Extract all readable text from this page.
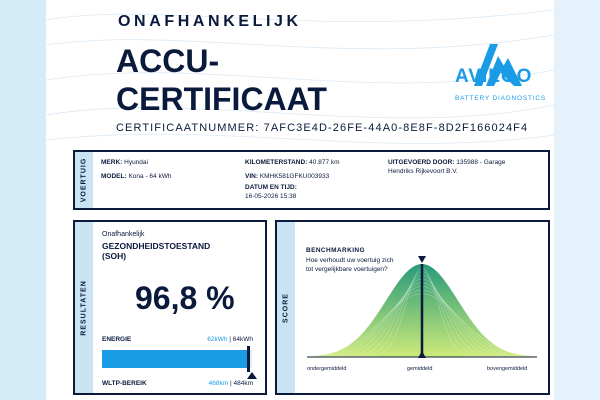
ONAFHANKELIJK
ACCU-
CERTIFICAAT
CERTIFICAATNUMMER: 7AFC3E4D-26FE-44A0-8E8F-8D2F166024F4
AVILOO
BATTERY DIAGNOSTICS
VOERTUIG MERK: Hyundai
MODEL: Kona - 64 kWh
KILOMETERSTAND: 40.877 km
VIN: KMHK581GFKU003933
DATUM EN TIJD:
16-05-2026 15:38
UITGEVOERD DOOR: 135988 - Garage
Hendriks Rijkevoort B.V.
RESULTATEN
Onafhankelijk
GEZONDHEIDSTOESTAND
(SOH)
96,8 %
ENERGIE	62kWh | 64kWh
WLTP-BEREIK	468km | 484km
SCORE
BENCHMARKING
Hoe verhoudt uw voertuig zich tot vergelijkbare voertuigen?
ondergemiddeld	gemiddeld	bovengemiddeld
